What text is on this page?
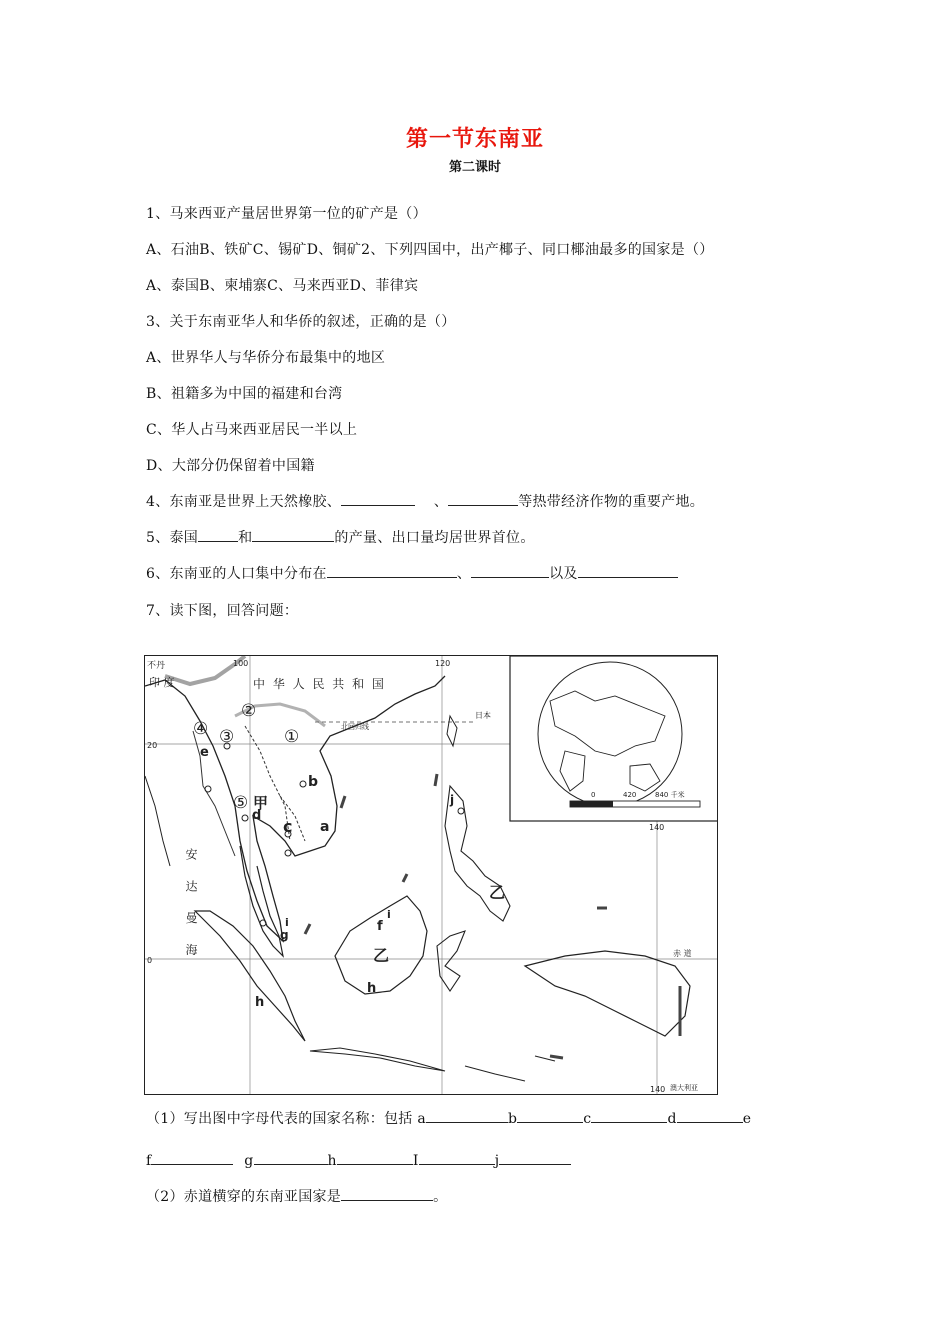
第一节东南亚
第二课时
1、马来西亚产量居世界第一位的矿产是（）
A、石油B、铁矿C、锡矿D、铜矿2、下列四国中，出产椰子、同口椰油最多的国家是（）
A、泰国B、柬埔寨C、马来西亚D、菲律宾
3、关于东南亚华人和华侨的叙述，正确的是（）
A、世界华人与华侨分布最集中的地区
B、祖籍多为中国的福建和台湾
C、华人占马来西亚居民一半以上
D、大部分仍保留着中国籍
4、东南亚是世界上天然橡胶、	、	等热带经济作物的重要产地。
5、泰国	和	的产量、出口量均居世界首位。
6、东南亚的人口集中分布在	、	以及
7、读下图，回答问题：
中 华 人 民 共 和 国
印 度
不丹	100	120
140
140
20
0
北回归线
日本
赤 道
澳大利亚
0	420	840 千米
安 达 曼 海
①
②
③
④
⑤ 甲
乙
乙
a
b
c
d
e
f
g
h
h
i
i
j
（1）写出图中字母代表的国家名称：包括 a	b	c	d	e
f	g	h	I	j
（2）赤道横穿的东南亚国家是	。
